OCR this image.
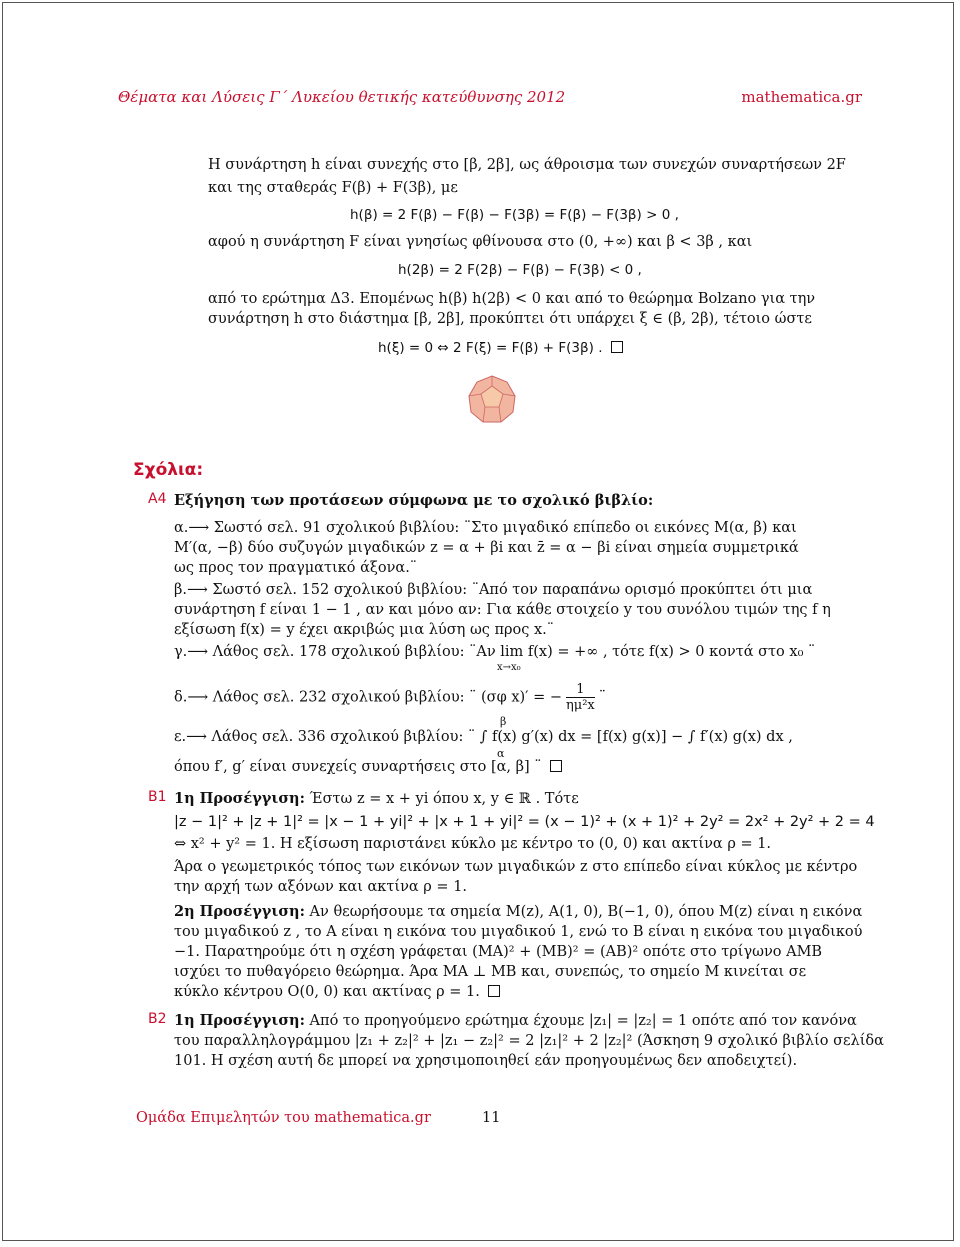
Θέματα και Λύσεις Γ΄ Λυκείου θετικής κατεύθυνσης 2012	mathematica.gr
Η συνάρτηση h είναι συνεχής στο [β, 2β], ως άθροισμα των συνεχών συναρτήσεων 2F
και της σταθεράς F(β) + F(3β), με
h(β) = 2 F(β) − F(β) − F(3β) = F(β) − F(3β) > 0 ,
αφού η συνάρτηση F είναι γνησίως φθίνουσα στο (0, +∞) και β < 3β , και
h(2β) = 2 F(2β) − F(β) − F(3β) < 0 ,
από το ερώτημα Δ3. Επομένως h(β) h(2β) < 0 και από το θεώρημα Bolzano για την
συνάρτηση h στο διάστημα [β, 2β], προκύπτει ότι υπάρχει ξ ∈ (β, 2β), τέτοιο ώστε
h(ξ) = 0 ⇔ 2 F(ξ) = F(β) + F(3β) .
Σχόλια:
A4 Εξήγηση των προτάσεων σύμφωνα με το σχολικό βιβλίο:
α.⟶ Σωστό σελ. 91 σχολικού βιβλίου: ¨Στο μιγαδικό επίπεδο οι εικόνες M(α, β) και
M′(α, −β) δύο συζυγών μιγαδικών z = α + βi και z̄ = α − βi είναι σημεία συμμετρικά
ως προς τον πραγματικό άξονα.¨
β.⟶ Σωστό σελ. 152 σχολικού βιβλίου: ¨Από τον παραπάνω ορισμό προκύπτει ότι μια
συνάρτηση f είναι 1 − 1 , αν και μόνο αν: Για κάθε στοιχείο y του συνόλου τιμών της f η
εξίσωση f(x) = y έχει ακριβώς μια λύση ως προς x.¨
γ.⟶ Λάθος σελ. 178 σχολικού βιβλίου: ¨Αν lim f(x) = +∞ , τότε f(x) > 0 κοντά στο x₀ ¨
x→x₀
δ.⟶ Λάθος σελ. 232 σχολικού βιβλίου: ¨ (σφ x)′ = − $\frac{1}{\text{ημ²x}}$ ¨
ε.⟶ Λάθος σελ. 336 σχολικού βιβλίου: ¨ ∫ f(x) g′(x) dx = [f(x) g(x)] − ∫ f′(x) g(x) dx ,
β
α
όπου f′, g′ είναι συνεχείς συναρτήσεις στο [α, β] ¨
B1 1η Προσέγγιση: Έστω z = x + yi όπου x, y ∈ ℝ . Τότε
|z − 1|² + |z + 1|² = |x − 1 + yi|² + |x + 1 + yi|² = (x − 1)² + (x + 1)² + 2y² = 2x² + 2y² + 2 = 4
⇔ x² + y² = 1. Η εξίσωση παριστάνει κύκλο με κέντρο το (0, 0) και ακτίνα ρ = 1.
Άρα ο γεωμετρικός τόπος των εικόνων των μιγαδικών z στο επίπεδο είναι κύκλος με κέντρο
την αρχή των αξόνων και ακτίνα ρ = 1.
2η Προσέγγιση: Αν θεωρήσουμε τα σημεία M(z), A(1, 0), B(−1, 0), όπου M(z) είναι η εικόνα
του μιγαδικού z , το A είναι η εικόνα του μιγαδικού 1, ενώ το B είναι η εικόνα του μιγαδικού
−1. Παρατηρούμε ότι η σχέση γράφεται (MA)² + (MB)² = (AB)² οπότε στο τρίγωνο AMB
ισχύει το πυθαγόρειο θεώρημα. Άρα MA ⊥ MB και, συνεπώς, το σημείο M κινείται σε
κύκλο κέντρου O(0, 0) και ακτίνας ρ = 1.
B2 1η Προσέγγιση: Από το προηγούμενο ερώτημα έχουμε |z₁| = |z₂| = 1 οπότε από τον κανόνα
του παραλληλογράμμου |z₁ + z₂|² + |z₁ − z₂|² = 2 |z₁|² + 2 |z₂|² (Άσκηση 9 σχολικό βιβλίο σελίδα
101. Η σχέση αυτή δε μπορεί να χρησιμοποιηθεί εάν προηγουμένως δεν αποδειχτεί).
Ομάδα Επιμελητών του mathematica.gr	11
